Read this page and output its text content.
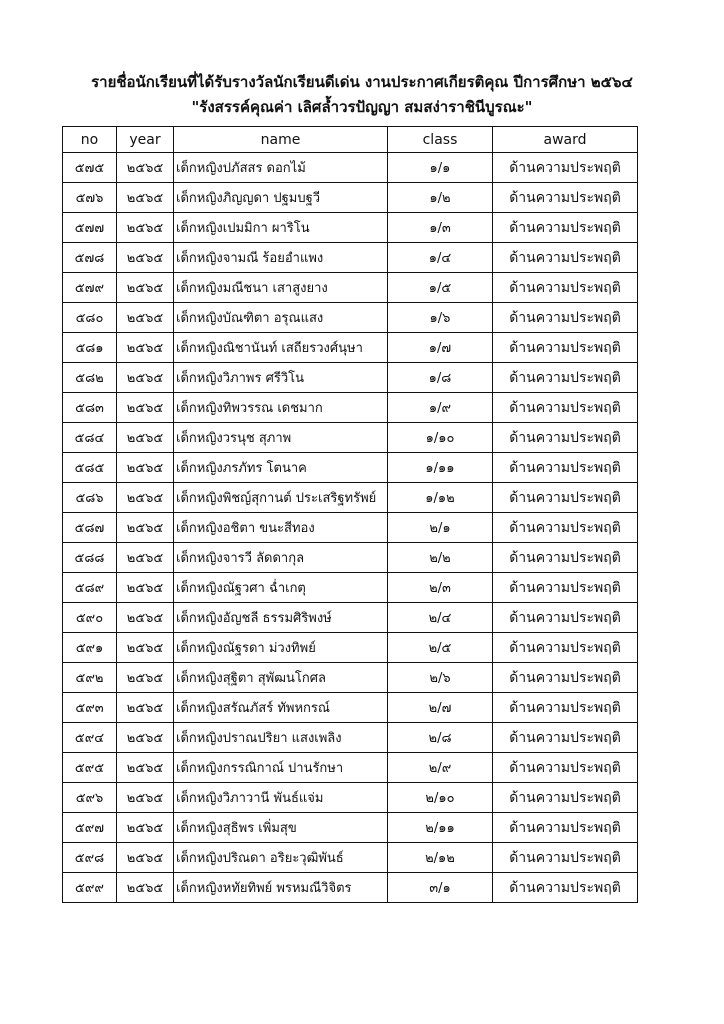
รายชื่อนักเรียนที่ได้รับรางวัลนักเรียนดีเด่น งานประกาศเกียรติคุณ ปีการศึกษา ๒๕๖๔
"รังสรรค์คุณค่า เลิศล้ำวรปัญญา สมสง่าราชินีบูรณะ"
no	year	name	class	award
๕๗๕	๒๕๖๕	เด็กหญิงปภัสสร ดอกไม้	๑/๑	ด้านความประพฤติ
๕๗๖	๒๕๖๕	เด็กหญิงภิญญดา ปฐมบฐวี	๑/๒	ด้านความประพฤติ
๕๗๗	๒๕๖๕	เด็กหญิงเปมมิกา ผาริโน	๑/๓	ด้านความประพฤติ
๕๗๘	๒๕๖๕	เด็กหญิงจามณี ร้อยอำแพง	๑/๔	ด้านความประพฤติ
๕๗๙	๒๕๖๕	เด็กหญิงมณีชนา เสาสูงยาง	๑/๕	ด้านความประพฤติ
๕๘๐	๒๕๖๕	เด็กหญิงบัณฑิตา อรุณแสง	๑/๖	ด้านความประพฤติ
๕๘๑	๒๕๖๕	เด็กหญิงณิชานันท์ เสถียรวงศ์นุษา	๑/๗	ด้านความประพฤติ
๕๘๒	๒๕๖๕	เด็กหญิงวิภาพร ศรีวิโน	๑/๘	ด้านความประพฤติ
๕๘๓	๒๕๖๕	เด็กหญิงทิพวรรณ เดชมาก	๑/๙	ด้านความประพฤติ
๕๘๔	๒๕๖๕	เด็กหญิงวรนุช สุภาพ	๑/๑๐	ด้านความประพฤติ
๕๘๕	๒๕๖๕	เด็กหญิงภรภัทร โตนาค	๑/๑๑	ด้านความประพฤติ
๕๘๖	๒๕๖๕	เด็กหญิงพิชญ์สุกานต์ ประเสริฐทรัพย์	๑/๑๒	ด้านความประพฤติ
๕๘๗	๒๕๖๕	เด็กหญิงอชิตา ขนะสีทอง	๒/๑	ด้านความประพฤติ
๕๘๘	๒๕๖๕	เด็กหญิงจารวี ลัดดากุล	๒/๒	ด้านความประพฤติ
๕๘๙	๒๕๖๕	เด็กหญิงณัฐวศา ฉ่ำเกตุ	๒/๓	ด้านความประพฤติ
๕๙๐	๒๕๖๕	เด็กหญิงอัญชลี ธรรมศิริพงษ์	๒/๔	ด้านความประพฤติ
๕๙๑	๒๕๖๕	เด็กหญิงณัฐรดา ม่วงทิพย์	๒/๕	ด้านความประพฤติ
๕๙๒	๒๕๖๕	เด็กหญิงสุฐิตา สุพัฒนโกศล	๒/๖	ด้านความประพฤติ
๕๙๓	๒๕๖๕	เด็กหญิงสรัณภัสร์ ทัพหกรณ์	๒/๗	ด้านความประพฤติ
๕๙๔	๒๕๖๕	เด็กหญิงปราณปริยา แสงเพลิง	๒/๘	ด้านความประพฤติ
๕๙๕	๒๕๖๕	เด็กหญิงกรรณิกาณ์ ปานรักษา	๒/๙	ด้านความประพฤติ
๕๙๖	๒๕๖๕	เด็กหญิงวิภาวานี พันธ์แจ่ม	๒/๑๐	ด้านความประพฤติ
๕๙๗	๒๕๖๕	เด็กหญิงสุธิพร เพิ่มสุข	๒/๑๑	ด้านความประพฤติ
๕๙๘	๒๕๖๕	เด็กหญิงปริณดา อริยะวุฒิพันธ์	๒/๑๒	ด้านความประพฤติ
๕๙๙	๒๕๖๕	เด็กหญิงหทัยทิพย์ พรหมณีวิจิตร	๓/๑	ด้านความประพฤติ
